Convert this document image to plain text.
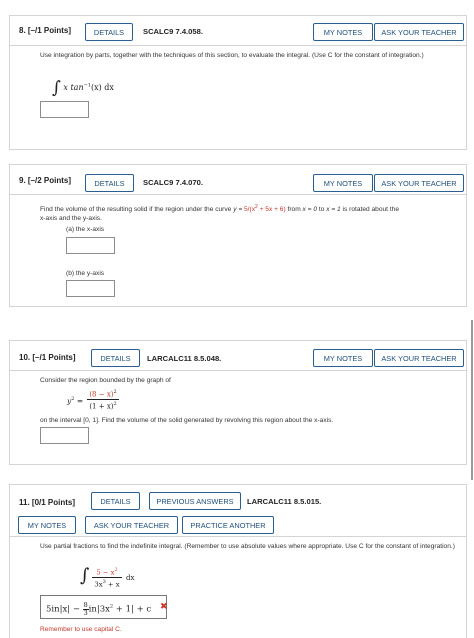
8. [–/1 Points]	DETAILS	SCALC9 7.4.058.	MY NOTES	ASK YOUR TEACHER
Use integration by parts, together with the techniques of this section, to evaluate the integral. (Use C for the constant of integration.)
∫ x $\tan^{-1}(x)$ dx
9. [–/2 Points]	DETAILS	SCALC9 7.4.070.	MY NOTES	ASK YOUR TEACHER
Find the volume of the resulting solid if the region under the curve $y = 5/(x^2 + 5x + 6)$ from x = 0 to x = 1 is rotated about the
x-axis and the y-axis.
(a) the x-axis
(b) the y-axis
10. [–/1 Points]	DETAILS	LARCALC11 8.5.048.	MY NOTES	ASK YOUR TEACHER
Consider the region bounded by the graph of
$y^2$ =
$(8 - x)^2$
$(1 + x)^2$
on the interval [0, 1]. Find the volume of the solid generated by revolving this region about the x-axis.
11. [0/1 Points]	DETAILS	PREVIOUS ANSWERS	LARCALC11 8.5.015.
MY NOTES	ASK YOUR TEACHER	PRACTICE ANOTHER
Use partial fractions to find the indefinite integral. (Remember to use absolute values where appropriate. Use C for the constant of integration.)
∫	$5 - x^2$
$3x^3 + x$
dx
$5in|x| - \frac{8}{3} in|3x^2 + 1| + c$ ✖
Remember to use capital C.
